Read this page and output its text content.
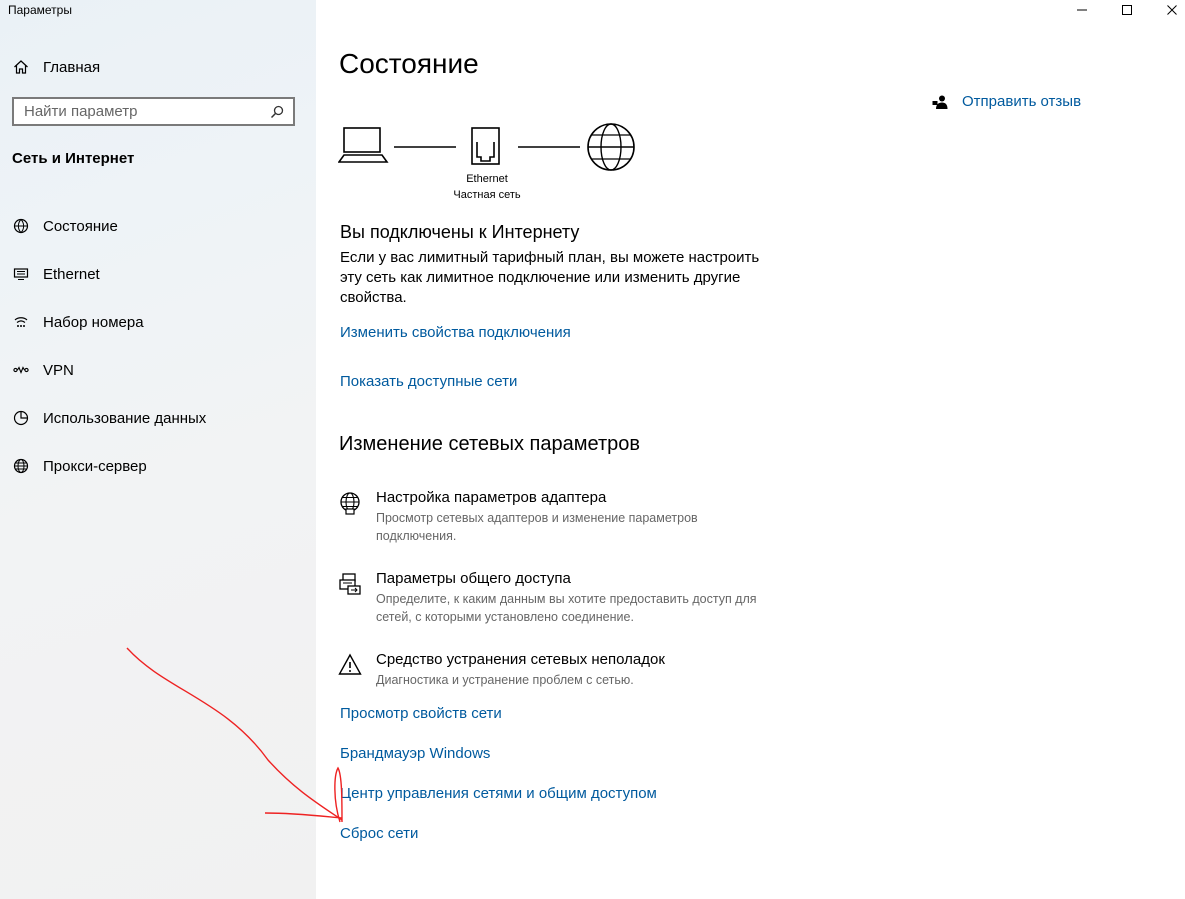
Параметры
Главная
Найти параметр
Сеть и Интернет
Состояние
Ethernet
Набор номера
VPN
Использование данных
Прокси-сервер
Состояние
Отправить отзыв
Ethernet
Частная сеть
Вы подключены к Интернету
Если у вас лимитный тарифный план, вы можете настроить эту сеть как лимитное подключение или изменить другие свойства.
Изменить свойства подключения
Показать доступные сети
Изменение сетевых параметров
Настройка параметров адаптера
Просмотр сетевых адаптеров и изменение параметров подключения.
Параметры общего доступа
Определите, к каким данным вы хотите предоставить доступ для сетей, с которыми установлено соединение.
Средство устранения сетевых неполадок
Диагностика и устранение проблем с сетью.
Просмотр свойств сети
Брандмауэр Windows
Центр управления сетями и общим доступом
Сброс сети
